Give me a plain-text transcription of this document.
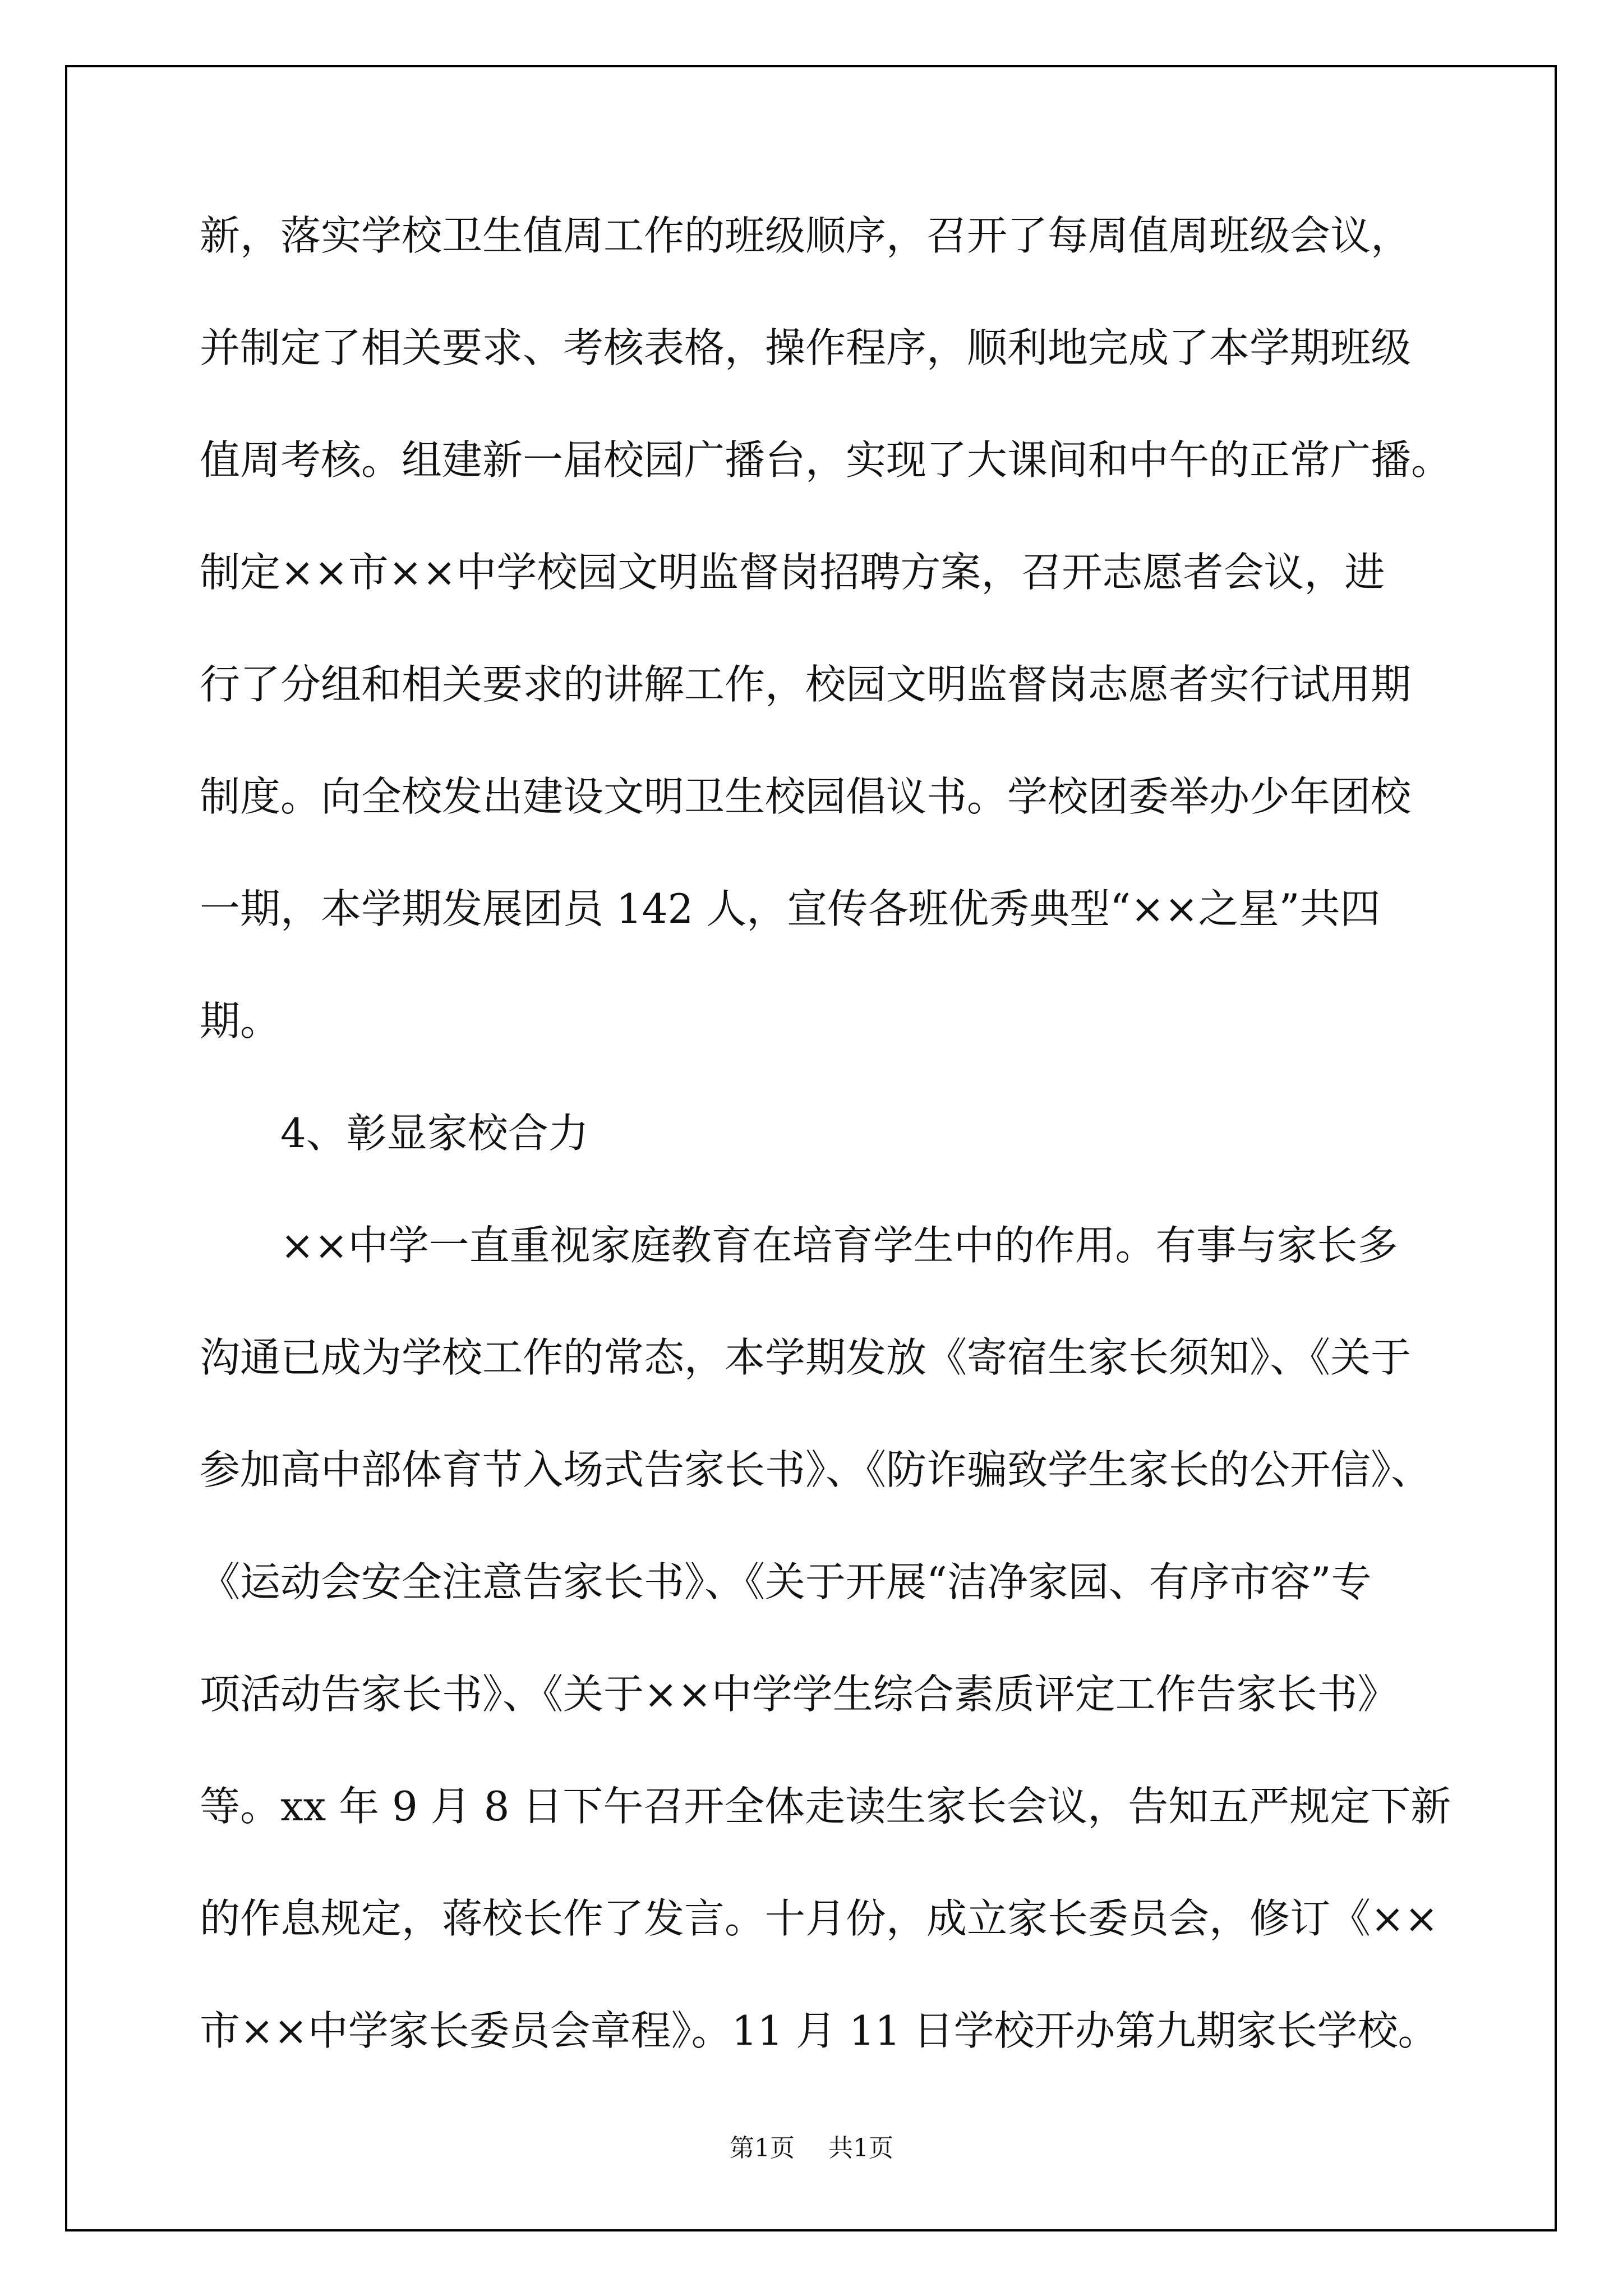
新，落实学校卫生值周工作的班级顺序，召开了每周值周班级会议，
并制定了相关要求、考核表格，操作程序，顺利地完成了本学期班级
值周考核。组建新一届校园广播台，实现了大课间和中午的正常广播。
制定××市××中学校园文明监督岗招聘方案，召开志愿者会议，进
行了分组和相关要求的讲解工作，校园文明监督岗志愿者实行试用期
制度。向全校发出建设文明卫生校园倡议书。学校团委举办少年团校
一期，本学期发展团员 142 人，宣传各班优秀典型“××之星”共四
期。
4、彰显家校合力
××中学一直重视家庭教育在培育学生中的作用。有事与家长多
沟通已成为学校工作的常态，本学期发放《寄宿生家长须知》、《关于
参加高中部体育节入场式告家长书》、《防诈骗致学生家长的公开信》、
《运动会安全注意告家长书》、《关于开展“洁净家园、有序市容”专
项活动告家长书》、《关于××中学学生综合素质评定工作告家长书》
等。xx 年 9 月 8 日下午召开全体走读生家长会议，告知五严规定下新
的作息规定，蒋校长作了发言。十月份，成立家长委员会，修订《××
市××中学家长委员会章程》。11 月 11 日学校开办第九期家长学校。
第1页 共1页
